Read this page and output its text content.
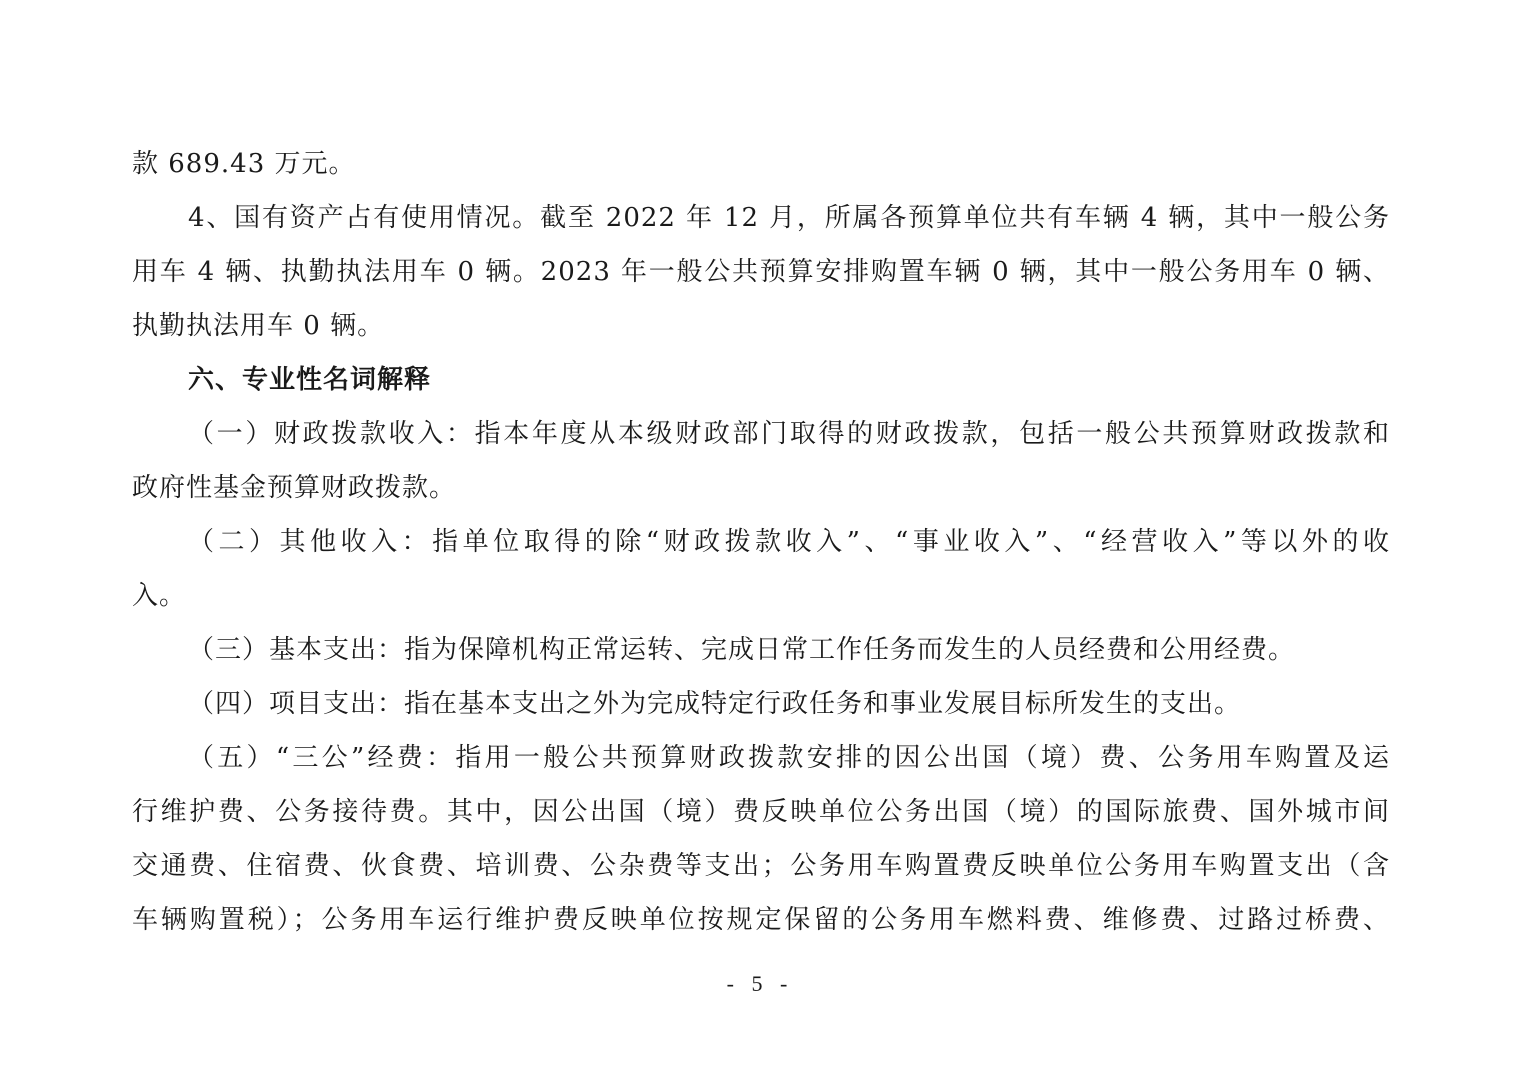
款 689.43 万元。
4、国有资产占有使用情况。截至 2022 年 12 月，所属各预算单位共有车辆 4 辆，其中一般公务
用车 4 辆、执勤执法用车 0 辆。2023 年一般公共预算安排购置车辆 0 辆，其中一般公务用车 0 辆、
执勤执法用车 0 辆。
六、专业性名词解释
（一）财政拨款收入：指本年度从本级财政部门取得的财政拨款，包括一般公共预算财政拨款和
政府性基金预算财政拨款。
（二）其他收入：指单位取得的除“财政拨款收入”、“事业收入”、“经营收入”等以外的收
入。
（三）基本支出：指为保障机构正常运转、完成日常工作任务而发生的人员经费和公用经费。
（四）项目支出：指在基本支出之外为完成特定行政任务和事业发展目标所发生的支出。
（五）“三公”经费：指用一般公共预算财政拨款安排的因公出国（境）费、公务用车购置及运
行维护费、公务接待费。其中，因公出国（境）费反映单位公务出国（境）的国际旅费、国外城市间
交通费、住宿费、伙食费、培训费、公杂费等支出；公务用车购置费反映单位公务用车购置支出（含
车辆购置税）；公务用车运行维护费反映单位按规定保留的公务用车燃料费、维修费、过路过桥费、
- 5 -
